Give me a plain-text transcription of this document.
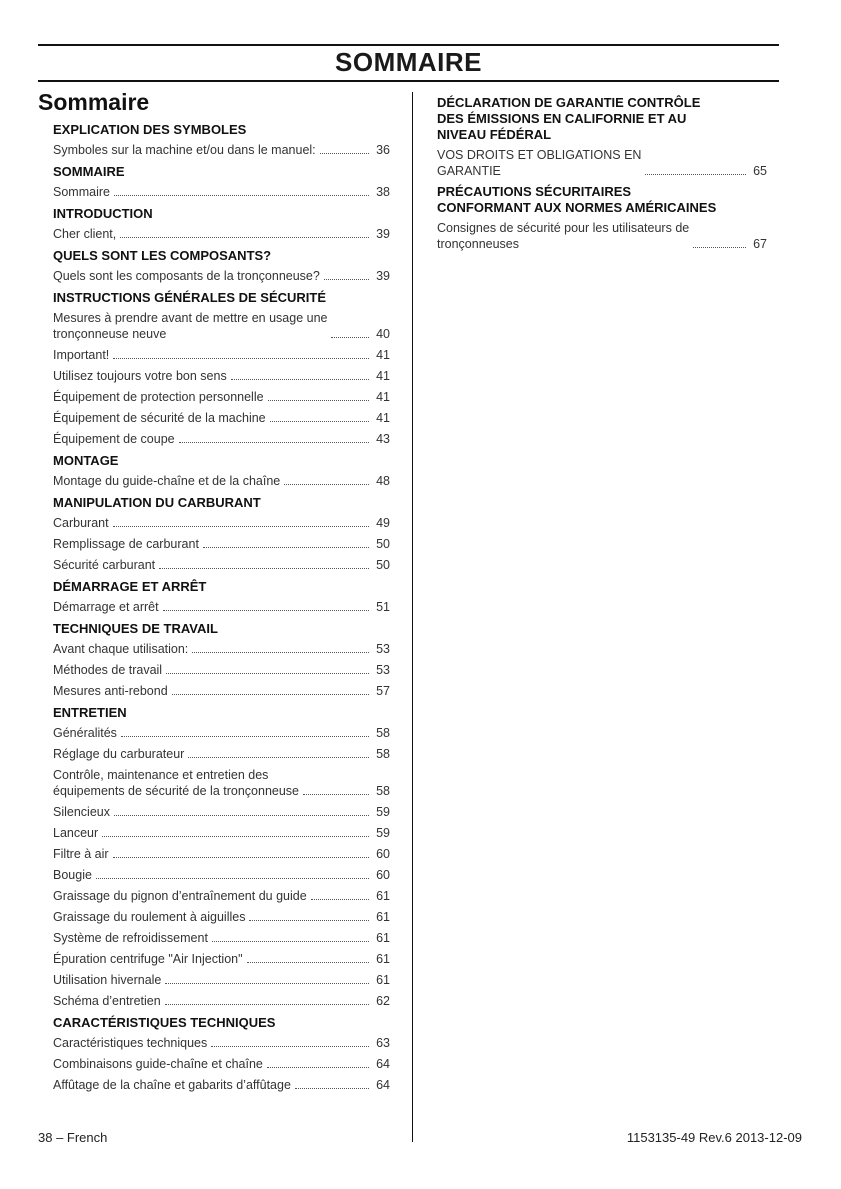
SOMMAIRE
Sommaire
EXPLICATION DES SYMBOLES
Symboles sur la machine et/ou dans le manuel:	36
SOMMAIRE
Sommaire	38
INTRODUCTION
Cher client,	39
QUELS SONT LES COMPOSANTS?
Quels sont les composants de la tronçonneuse?	39
INSTRUCTIONS GÉNÉRALES DE SÉCURITÉ
Mesures à prendre avant de mettre en usage une
tronçonneuse neuve	40
Important!	41
Utilisez toujours votre bon sens	41
Équipement de protection personnelle	41
Équipement de sécurité de la machine	41
Équipement de coupe	43
MONTAGE
Montage du guide-chaîne et de la chaîne	48
MANIPULATION DU CARBURANT
Carburant	49
Remplissage de carburant	50
Sécurité carburant	50
DÉMARRAGE ET ARRÊT
Démarrage et arrêt	51
TECHNIQUES DE TRAVAIL
Avant chaque utilisation:	53
Méthodes de travail	53
Mesures anti-rebond	57
ENTRETIEN
Généralités	58
Réglage du carburateur	58
Contrôle, maintenance et entretien des
équipements de sécurité de la tronçonneuse	58
Silencieux	59
Lanceur	59
Filtre à air	60
Bougie	60
Graissage du pignon d’entraînement du guide	61
Graissage du roulement à aiguilles	61
Système de refroidissement	61
Épuration centrifuge "Air Injection"	61
Utilisation hivernale	61
Schéma d’entretien	62
CARACTÉRISTIQUES TECHNIQUES
Caractéristiques techniques	63
Combinaisons guide-chaîne et chaîne	64
Affûtage de la chaîne et gabarits d’affûtage	64
DÉCLARATION DE GARANTIE CONTRÔLE
DES ÉMISSIONS EN CALIFORNIE ET AU
NIVEAU FÉDÉRAL
VOS DROITS ET OBLIGATIONS EN
GARANTIE	65
PRÉCAUTIONS SÉCURITAIRES
CONFORMANT AUX NORMES AMÉRICAINES
Consignes de sécurité pour les utilisateurs de
tronçonneuses	67
38 – French	1153135-49 Rev.6 2013-12-09
